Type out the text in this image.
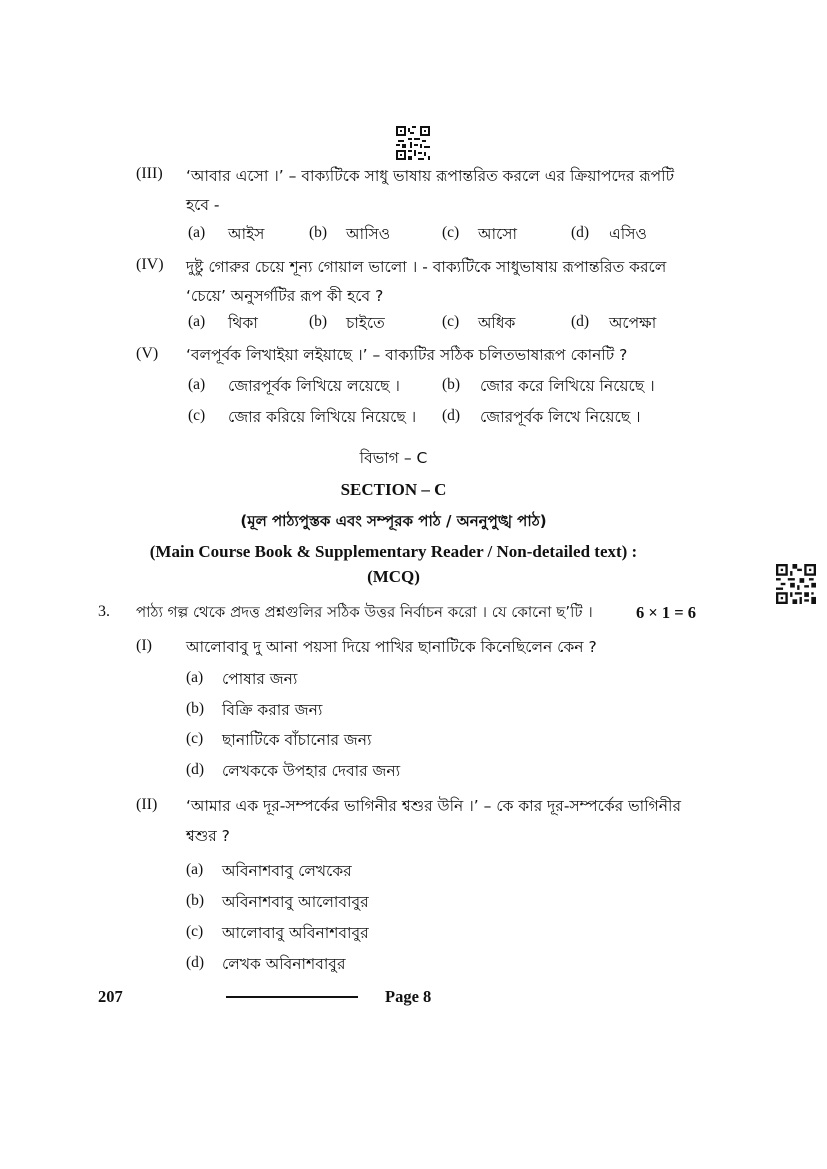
(III) ‘আবার এসো ।’ – বাক্যটিকে সাধু ভাষায় রূপান্তরিত করলে এর ক্রিয়াপদের রূপটি
হবে -
(a) আইস	(b) আসিও	(c) আসো	(d) এসিও
(IV) দুষ্টু গোরুর চেয়ে শূন্য গোয়াল ভালো । - বাক্যটিকে সাধুভাষায় রূপান্তরিত করলে
‘চেয়ে’ অনুসর্গটির রূপ কী হবে ?
(a) থিকা	(b) চাইতে	(c) অধিক	(d) অপেক্ষা
(V) ‘বলপূর্বক লিখাইয়া লইয়াছে ।’ – বাক্যটির সঠিক চলিতভাষারূপ কোনটি ?
(a) জোরপূর্বক লিখিয়ে লয়েছে ।	(b) জোর করে লিখিয়ে নিয়েছে ।
(c) জোর করিয়ে লিখিয়ে নিয়েছে । (d) জোরপূর্বক লিখে নিয়েছে ।
বিভাগ – C
SECTION – C
(মূল পাঠ্যপুস্তক এবং সম্পূরক পাঠ / অননুপুঙ্খ পাঠ)
(Main Course Book & Supplementary Reader / Non-detailed text) :
(MCQ)
3. পাঠ্য গল্প থেকে প্রদত্ত প্রশ্নগুলির সঠিক উত্তর নির্বাচন করো । যে কোনো ছ’টি ।	6 × 1 = 6
(I) আলোবাবু দু আনা পয়সা দিয়ে পাখির ছানাটিকে কিনেছিলেন কেন ?
(a) পোষার জন্য
(b) বিক্রি করার জন্য
(c) ছানাটিকে বাঁচানোর জন্য
(d) লেখককে উপহার দেবার জন্য
(II) ‘আমার এক দূর-সম্পর্কের ভাগিনীর শ্বশুর উনি ।’ – কে কার দূর-সম্পর্কের ভাগিনীর
শ্বশুর ?
(a) অবিনাশবাবু লেখকের
(b) অবিনাশবাবু আলোবাবুর
(c) আলোবাবু অবিনাশবাবুর
(d) লেখক অবিনাশবাবুর
207	Page 8
